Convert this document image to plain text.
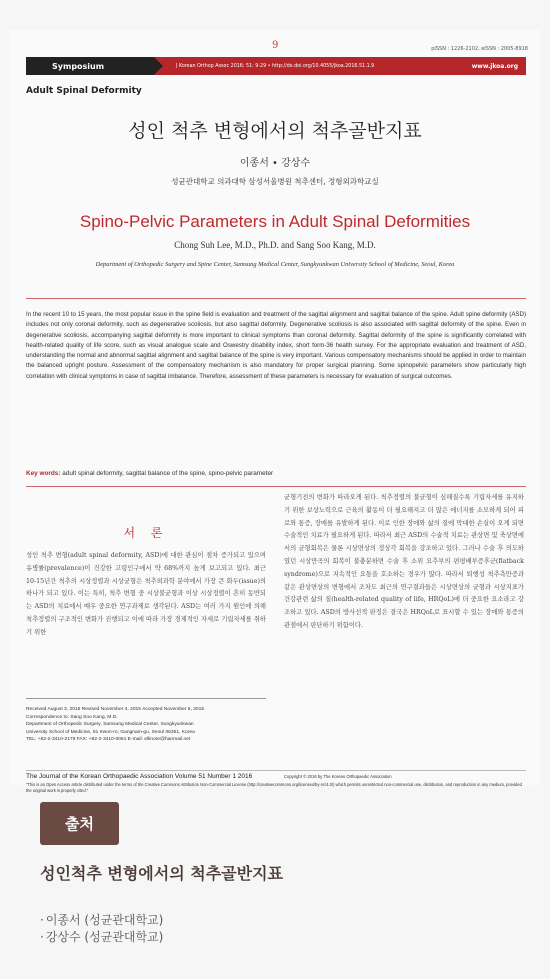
9	pISSN : 1226-2102, eISSN : 2005-8918
Symposium	J Korean Orthop Assoc 2016; 51: 9-29 • http://dx.doi.org/10.4055/jkoa.2016.51.1.9	www.jkoa.org
Adult Spinal Deformity
성인 척추 변형에서의 척추골반지표
이종서 • 강상수
성균관대학교 의과대학 삼성서울병원 척추센터, 정형외과학교실
Spino-Pelvic Parameters in Adult Spinal Deformities
Chong Suh Lee, M.D., Ph.D. and Sang Soo Kang, M.D.
Department of Orthopedic Surgery and Spine Center, Samsung Medical Center, Sungkyunkwan University School of Medicine, Seoul, Korea
In the recent 10 to 15 years, the most popular issue in the spine field is evaluation and treatment of the sagittal alignment and sagittal balance of the spine. Adult spine deformity (ASD) includes not only coronal deformity, such as degenerative scoliosis, but also sagittal deformity. Degenerative scoliosis is also associated with sagittal deformity of the spine. Even in degenerative scoliosis, accompanying sagittal deformity is more important to clinical symptoms than coronal deformity. Sagittal deformity of the spine is significantly correlated with health-related quality of life score, such as visual analogue scale and Oswestry disability index, short form-36 health survey. For the appropriate evaluation and treatment of ASD, understanding the normal and abnormal sagittal alignment and sagittal balance of the spine is very important. Various compensatory mechanisms should be applied in order to maintain the balanced upright posture. Assessment of the compensatory mechanism is also mandatory for proper surgical planning. Some spinopelvic parameters show particularly high correlation with clinical symptoms in case of sagittal imbalance. Therefore, assessment of these parameters is necessary for evaluation of surgical outcomes.
Key words: adult spinal deformity, sagittal balance of the spine, spino-pelvic parameter
서 론
성인 척추 변형(adult spinal deformity, ASD)에 대한 관심이 점차 증가되고 있으며 유병률(prevalence)이 건강한 고령인구에서 약 68%까지 높게 보고되고 있다. 최근 10-15년간 척추의 시상정렬과 시상균형은 척추외과학 분야에서 가장 큰 화두(issue)의 하나가 되고 있다. 이는 특히, 척추 변형 중 시상불균형과 이상 시상정렬이 흔히 동반되는 ASD의 치료에서 매우 중요한 연구과제로 생각된다. ASD는 여러 가지 원인에 의해 척추정렬의 구조적인 변화가 진행되고 이에 따라 가장 경제적인 자세로 기립자세를 취하기 위한
균형기전의 변화가 따라오게 된다. 척추정렬의 불균형이 심해질수록 기립자세를 유지하기 위한 보상노력으로 근육의 활동이 더 필요해지고 더 많은 에너지를 소모하게 되어 피로와 통증, 장애를 유발하게 된다. 이로 인한 장애와 삶의 질에 막대한 손실이 오게 되면 수술적인 치료가 필요하게 된다. 따라서 최근 ASD의 수술적 치료는 관상면 및 축상면에서의 균형회복은 물론 시상면상의 정상각 회복을 강조하고 있다. 그러나 수술 후 의도하였던 시상만곡의 회복이 불충분하면 수술 후 소위 요추부의 편평배부증후군(flatback syndrome)으로 지속적인 요통을 호소하는 경우가 많다. 따라서 퇴행성 척추측만증과 같은 관상면상의 변형에서 조차도 최근의 연구결과들은 시상면상의 균형과 시상지표가 건강관련 삶의 질(health-related quality of life, HRQoL)에 더 중요한 요소라고 강조하고 있다. ASD의 방사선적 판정은 결국은 HRQoL로 표시할 수 있는 장애와 통증의 관점에서 판단하기 위함이다.
Received August 3, 2015 Revised November 4, 2015 Accepted November 5, 2015
Correspondence to: Sang Soo Kang, M.D.
Department of Orthopedic Surgery, Samsung Medical Center, Sungkyunkwan
University School of Medicine, 81 Irwon-ro, Gangnam-gu, Seoul 06351, Korea
TEL: +82-2-3410-2179 FAX: +82-2-3410-0061 E-mail: ellinore@hanmail.net
The Journal of the Korean Orthopaedic Association Volume 51 Number 1 2016	Copyright © 2016 by The Korean Orthopaedic Association
"This is an Open Access article distributed under the terms of the Creative Commons Attribution Non-Commercial License (http://creativecommons.org/licenses/by-nc/4.0/) which permits unrestricted non-commercial use, distribution, and reproduction in any medium, provided the original work is properly cited."
출처
성인척추 변형에서의 척추골반지표
· 이종서 (성균관대학교)
· 강상수 (성균관대학교)
